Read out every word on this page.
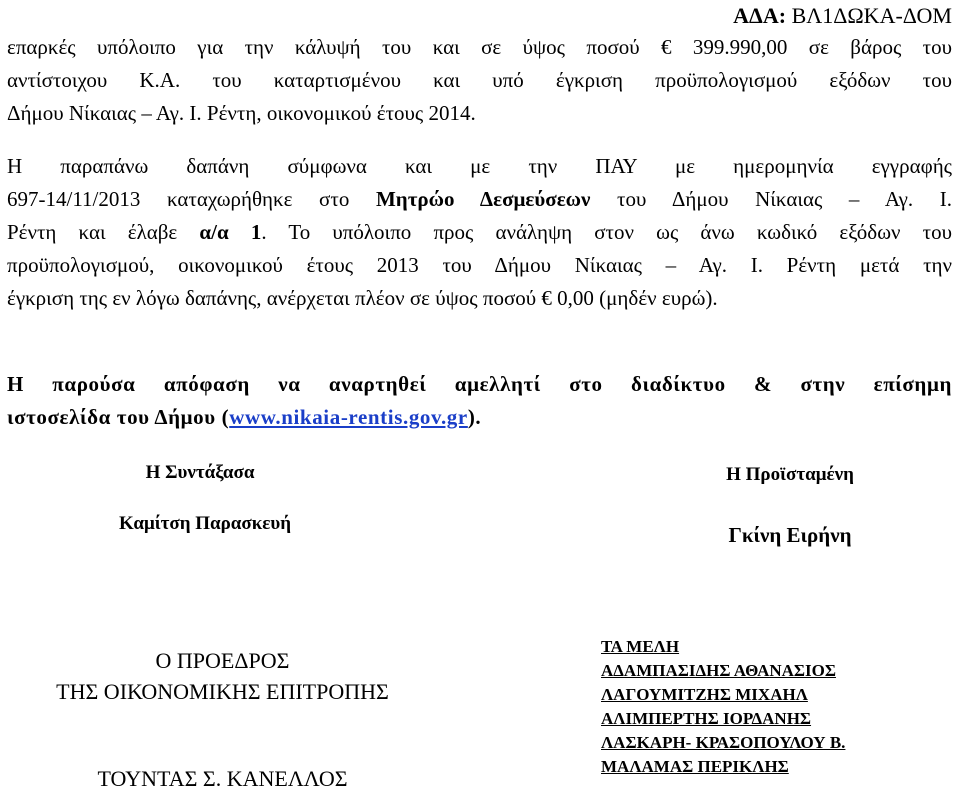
ΑΔΑ: ΒΛ1ΔΩΚΑ-ΔΟΜ
επαρκές υπόλοιπο για την κάλυψή του και σε ύψος ποσού € 399.990,00 σε βάρος του
αντίστοιχου Κ.Α. του καταρτισμένου και υπό έγκριση προϋπολογισμού εξόδων του
Δήμου Νίκαιας – Αγ. Ι. Ρέντη, οικονομικού έτους 2014.
Η παραπάνω δαπάνη σύμφωνα και με την ΠΑΥ με ημερομηνία εγγραφής
697-14/11/2013 καταχωρήθηκε στο Μητρώο Δεσμεύσεων του Δήμου Νίκαιας – Αγ. Ι.
Ρέντη και έλαβε α/α 1. Το υπόλοιπο προς ανάληψη στον ως άνω κωδικό εξόδων του
προϋπολογισμού, οικονομικού έτους 2013 του Δήμου Νίκαιας – Αγ. Ι. Ρέντη μετά την
έγκριση της εν λόγω δαπάνης, ανέρχεται πλέον σε ύψος ποσού € 0,00 (μηδέν ευρώ).
Η παρούσα απόφαση να αναρτηθεί αμελλητί στο διαδίκτυο & στην επίσημη
ιστοσελίδα του Δήμου (www.nikaia-rentis.gov.gr).
Η Συντάξασα
Καμίτση Παρασκευή
Η Προϊσταμένη
Γκίνη Ειρήνη
Ο ΠΡΟΕΔΡΟΣ
ΤΗΣ ΟΙΚΟΝΟΜΙΚΗΣ ΕΠΙΤΡΟΠΗΣ
ΤΟΥΝΤΑΣ Σ. ΚΑΝΕΛΛΟΣ
ΤΑ ΜΕΛΗ
ΑΔΑΜΠΑΣΙΔΗΣ ΑΘΑΝΑΣΙΟΣ
ΛΑΓΟΥΜΙΤΖΗΣ ΜΙΧΑΗΛ
ΑΛΙΜΠΕΡΤΗΣ ΙΟΡΔΑΝΗΣ
ΛΑΣΚΑΡΗ- ΚΡΑΣΟΠΟΥΛΟΥ Β.
ΜΑΛΑΜΑΣ ΠΕΡΙΚΛΗΣ
